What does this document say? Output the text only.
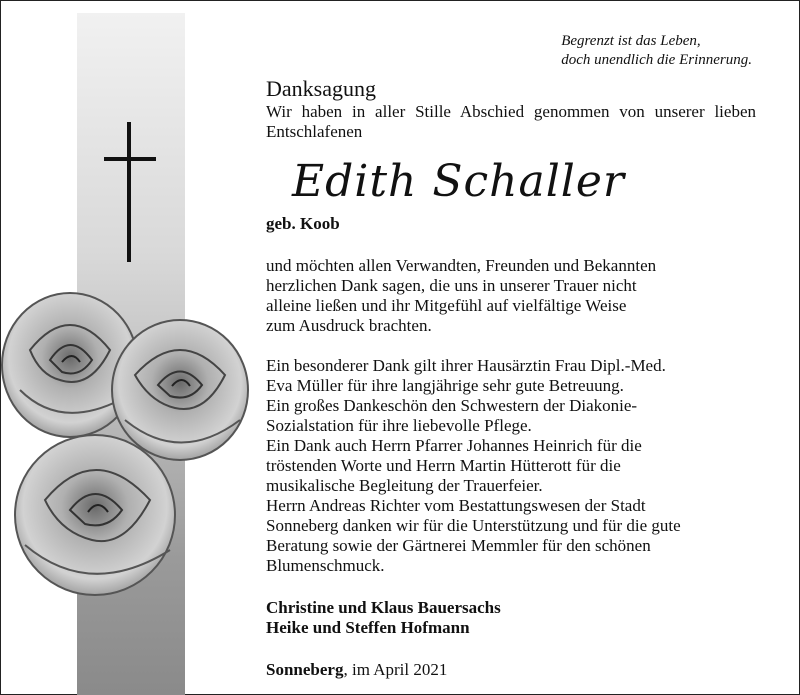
Begrenzt ist das Leben,
doch unendlich die Erinnerung.
Danksagung

Wir haben in aller Stille Abschied genommen von unserer lieben Entschlafenen

Edith Schaller
geb. Koob
und möchten allen Verwandten, Freunden und Bekannten
herzlichen Dank sagen, die uns in unserer Trauer nicht
alleine ließen und ihr Mitgefühl auf vielfältige Weise
zum Ausdruck brachten.
Ein besonderer Dank gilt ihrer Hausärztin Frau Dipl.-Med.
Eva Müller für ihre langjährige sehr gute Betreuung.
Ein großes Dankeschön den Schwestern der Diakonie-
Sozialstation für ihre liebevolle Pflege.
Ein Dank auch Herrn Pfarrer Johannes Heinrich für die
tröstenden Worte und Herrn Martin Hütterott für die
musikalische Begleitung der Trauerfeier.
Herrn Andreas Richter vom Bestattungswesen der Stadt
Sonneberg danken wir für die Unterstützung und für die gute
Beratung sowie der Gärtnerei Memmler für den schönen
Blumenschmuck.
Christine und Klaus Bauersachs
Heike und Steffen Hofmann
Sonneberg, im April 2021
